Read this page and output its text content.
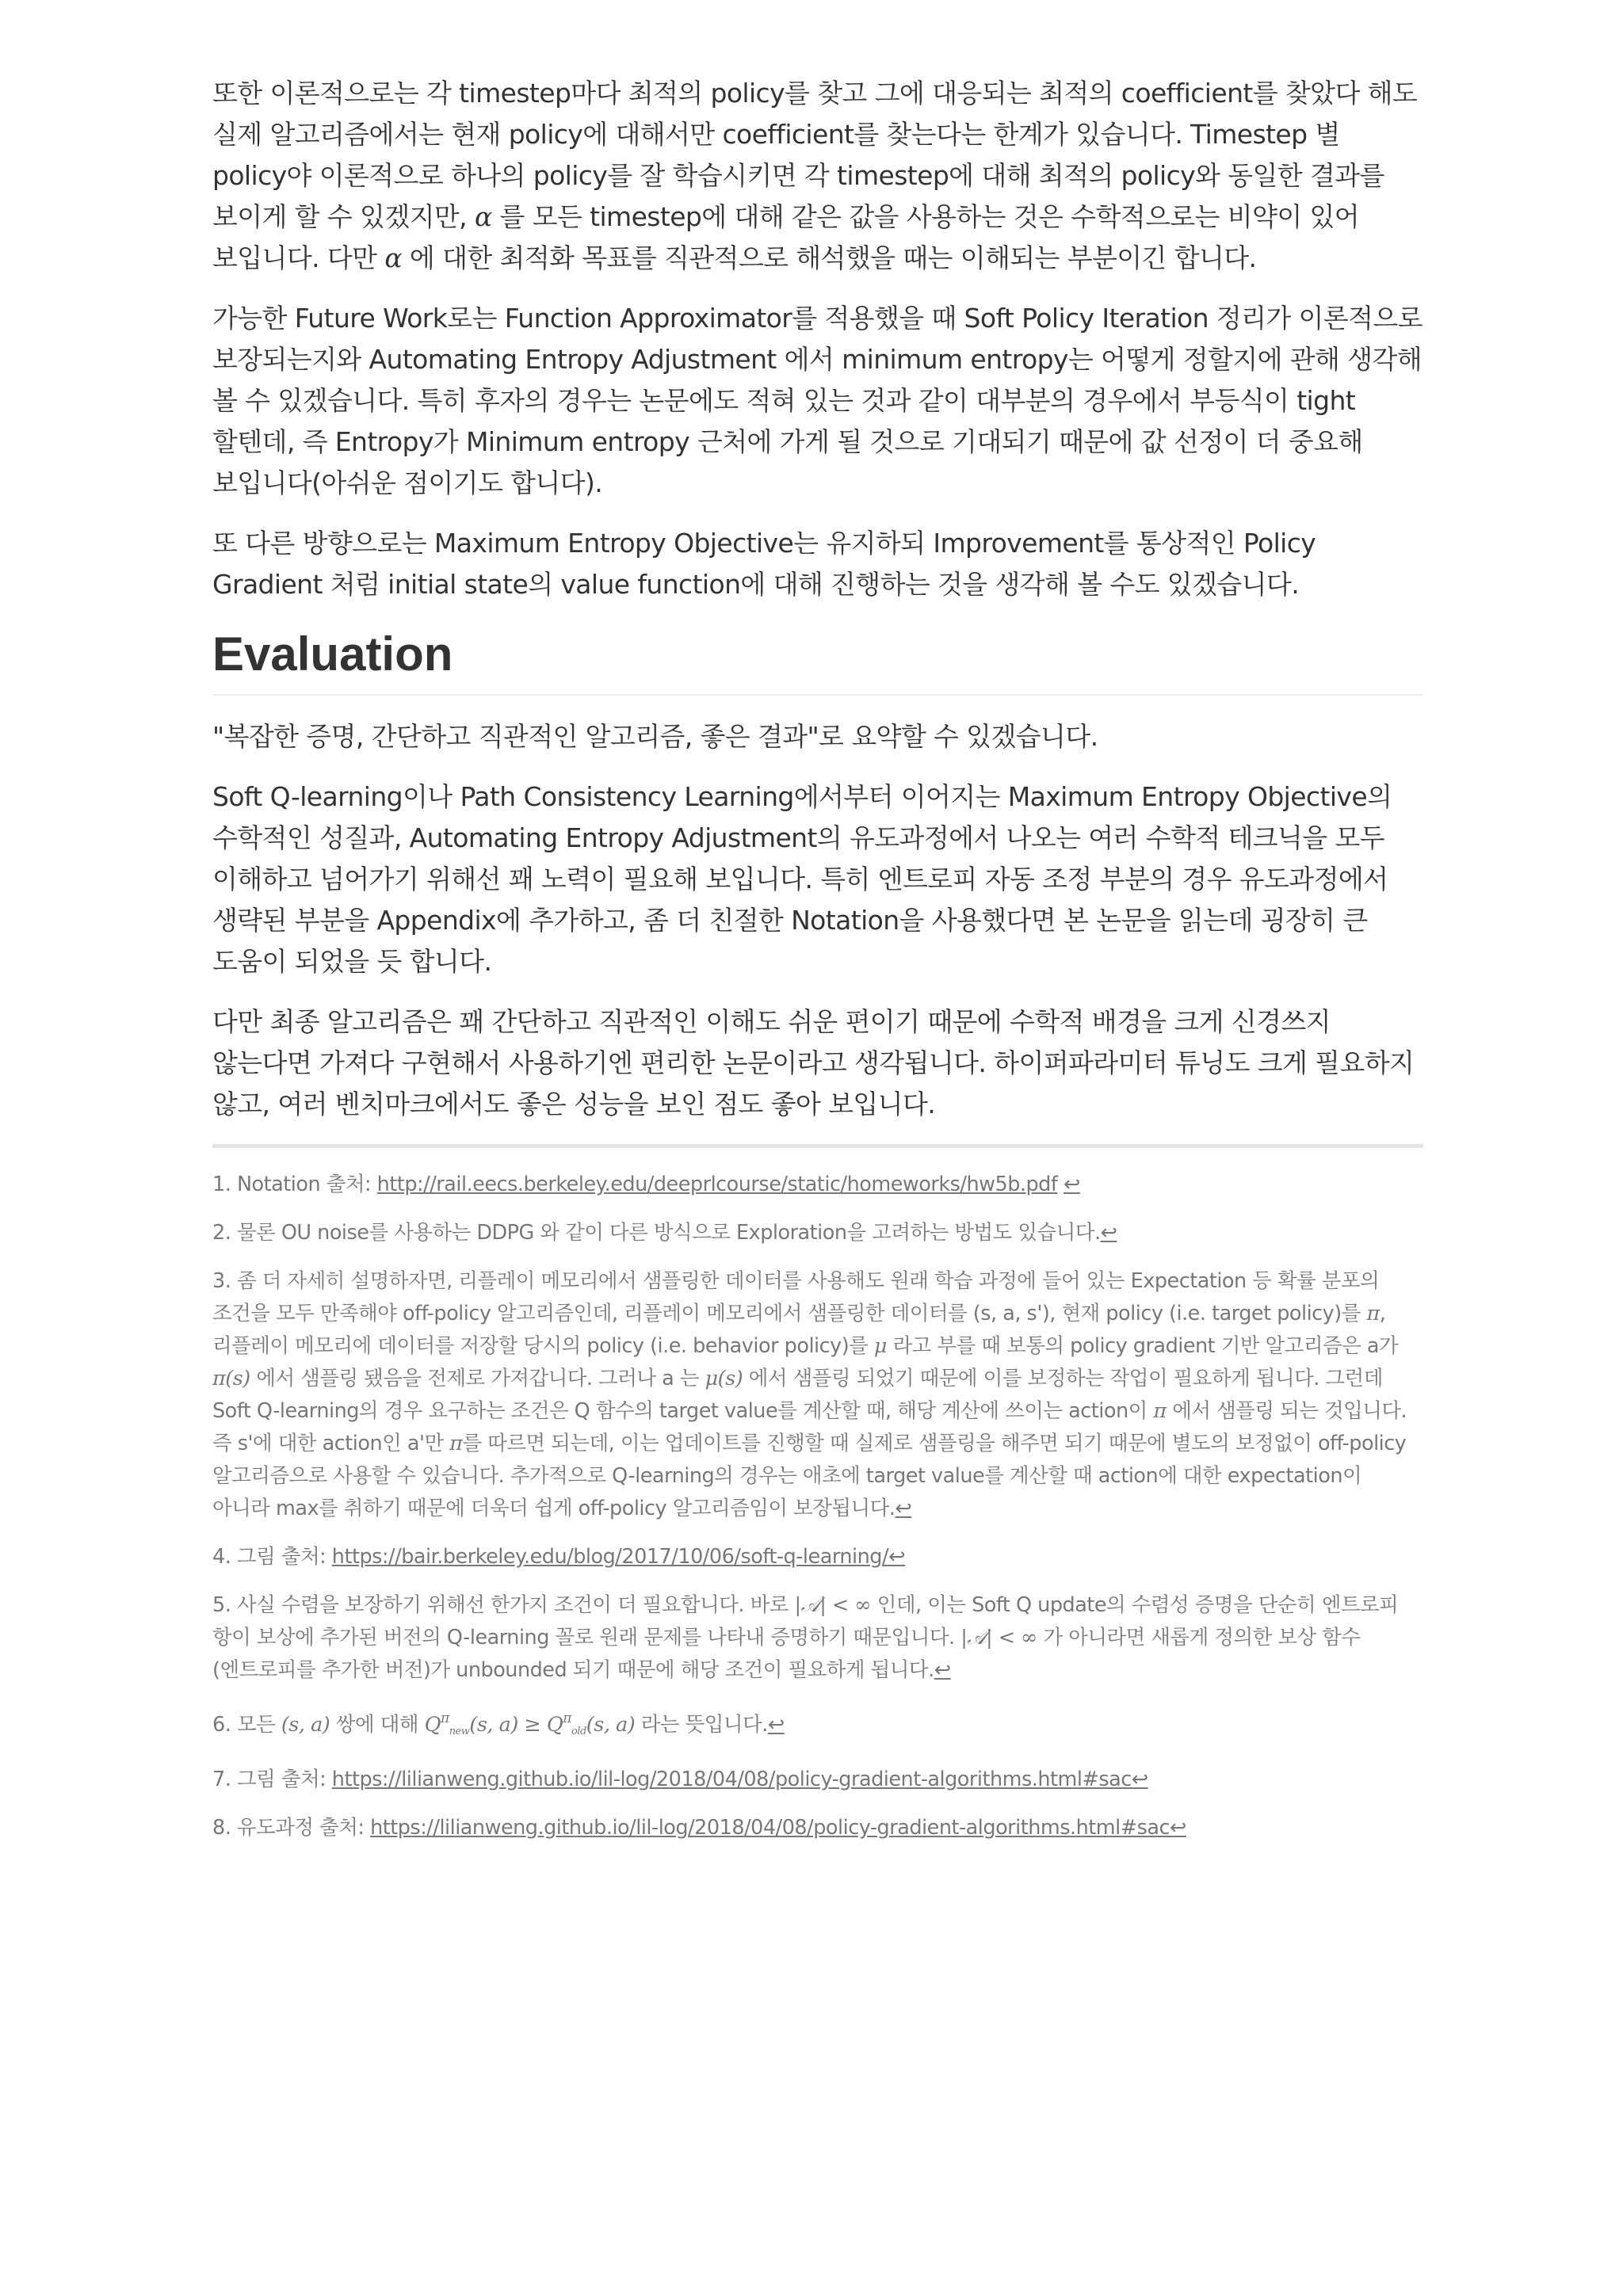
또한 이론적으로는 각 timestep마다 최적의 policy를 찾고 그에 대응되는 최적의 coefficient를 찾았다 해도 실제 알고리즘에서는 현재 policy에 대해서만 coefficient를 찾는다는 한계가 있습니다. Timestep 별 policy야 이론적으로 하나의 policy를 잘 학습시키면 각 timestep에 대해 최적의 policy와 동일한 결과를 보이게 할 수 있겠지만, α 를 모든 timestep에 대해 같은 값을 사용하는 것은 수학적으로는 비약이 있어 보입니다. 다만 α 에 대한 최적화 목표를 직관적으로 해석했을 때는 이해되는 부분이긴 합니다.

가능한 Future Work로는 Function Approximator를 적용했을 때 Soft Policy Iteration 정리가 이론적으로 보장되는지와 Automating Entropy Adjustment 에서 minimum entropy는 어떻게 정할지에 관해 생각해 볼 수 있겠습니다. 특히 후자의 경우는 논문에도 적혀 있는 것과 같이 대부분의 경우에서 부등식이 tight 할텐데, 즉 Entropy가 Minimum entropy 근처에 가게 될 것으로 기대되기 때문에 값 선정이 더 중요해 보입니다(아쉬운 점이기도 합니다).

또 다른 방향으로는 Maximum Entropy Objective는 유지하되 Improvement를 통상적인 Policy Gradient 처럼 initial state의 value function에 대해 진행하는 것을 생각해 볼 수도 있겠습니다.

Evaluation

"복잡한 증명, 간단하고 직관적인 알고리즘, 좋은 결과"로 요약할 수 있겠습니다.

Soft Q-learning이나 Path Consistency Learning에서부터 이어지는 Maximum Entropy Objective의 수학적인 성질과, Automating Entropy Adjustment의 유도과정에서 나오는 여러 수학적 테크닉을 모두 이해하고 넘어가기 위해선 꽤 노력이 필요해 보입니다. 특히 엔트로피 자동 조정 부분의 경우 유도과정에서 생략된 부분을 Appendix에 추가하고, 좀 더 친절한 Notation을 사용했다면 본 논문을 읽는데 굉장히 큰 도움이 되었을 듯 합니다.

다만 최종 알고리즘은 꽤 간단하고 직관적인 이해도 쉬운 편이기 때문에 수학적 배경을 크게 신경쓰지 않는다면 가져다 구현해서 사용하기엔 편리한 논문이라고 생각됩니다. 하이퍼파라미터 튜닝도 크게 필요하지 않고, 여러 벤치마크에서도 좋은 성능을 보인 점도 좋아 보입니다.

1. Notation 출처: http://rail.eecs.berkeley.edu/deeprlcourse/static/homeworks/hw5b.pdf ↩
2. 물론 OU noise를 사용하는 DDPG 와 같이 다른 방식으로 Exploration을 고려하는 방법도 있습니다.↩
3. 좀 더 자세히 설명하자면, 리플레이 메모리에서 샘플링한 데이터를 사용해도 원래 학습 과정에 들어 있는 Expectation 등 확률 분포의 조건을 모두 만족해야 off-policy 알고리즘인데, 리플레이 메모리에서 샘플링한 데이터를 (s, a, s'), 현재 policy (i.e. target policy)를 π, 리플레이 메모리에 데이터를 저장할 당시의 policy (i.e. behavior policy)를 μ 라고 부를 때 보통의 policy gradient 기반 알고리즘은 a가 π(s) 에서 샘플링 됐음을 전제로 가져갑니다. 그러나 a 는 μ(s) 에서 샘플링 되었기 때문에 이를 보정하는 작업이 필요하게 됩니다. 그런데 Soft Q-learning의 경우 요구하는 조건은 Q 함수의 target value를 계산할 때, 해당 계산에 쓰이는 action이 π 에서 샘플링 되는 것입니다. 즉 s'에 대한 action인 a'만 π를 따르면 되는데, 이는 업데이트를 진행할 때 실제로 샘플링을 해주면 되기 때문에 별도의 보정없이 off-policy 알고리즘으로 사용할 수 있습니다. 추가적으로 Q-learning의 경우는 애초에 target value를 계산할 때 action에 대한 expectation이 아니라 max를 취하기 때문에 더욱더 쉽게 off-policy 알고리즘임이 보장됩니다.↩
4. 그림 출처: https://bair.berkeley.edu/blog/2017/10/06/soft-q-learning/↩
5. 사실 수렴을 보장하기 위해선 한가지 조건이 더 필요합니다. 바로 |𝒜| < ∞ 인데, 이는 Soft Q update의 수렴성 증명을 단순히 엔트로피 항이 보상에 추가된 버전의 Q-learning 꼴로 원래 문제를 나타내 증명하기 때문입니다. |𝒜| < ∞ 가 아니라면 새롭게 정의한 보상 함수(엔트로피를 추가한 버전)가 unbounded 되기 때문에 해당 조건이 필요하게 됩니다.↩
6. 모든 (s, a) 쌍에 대해 $Q^\pi_{new}(s$, $a) \ge Q^\pi_{old}(s$, a) 라는 뜻입니다.↩
7. 그림 출처: https://lilianweng.github.io/lil-log/2018/04/08/policy-gradient-algorithms.html#sac↩
8. 유도과정 출처: https://lilianweng.github.io/lil-log/2018/04/08/policy-gradient-algorithms.html#sac↩
